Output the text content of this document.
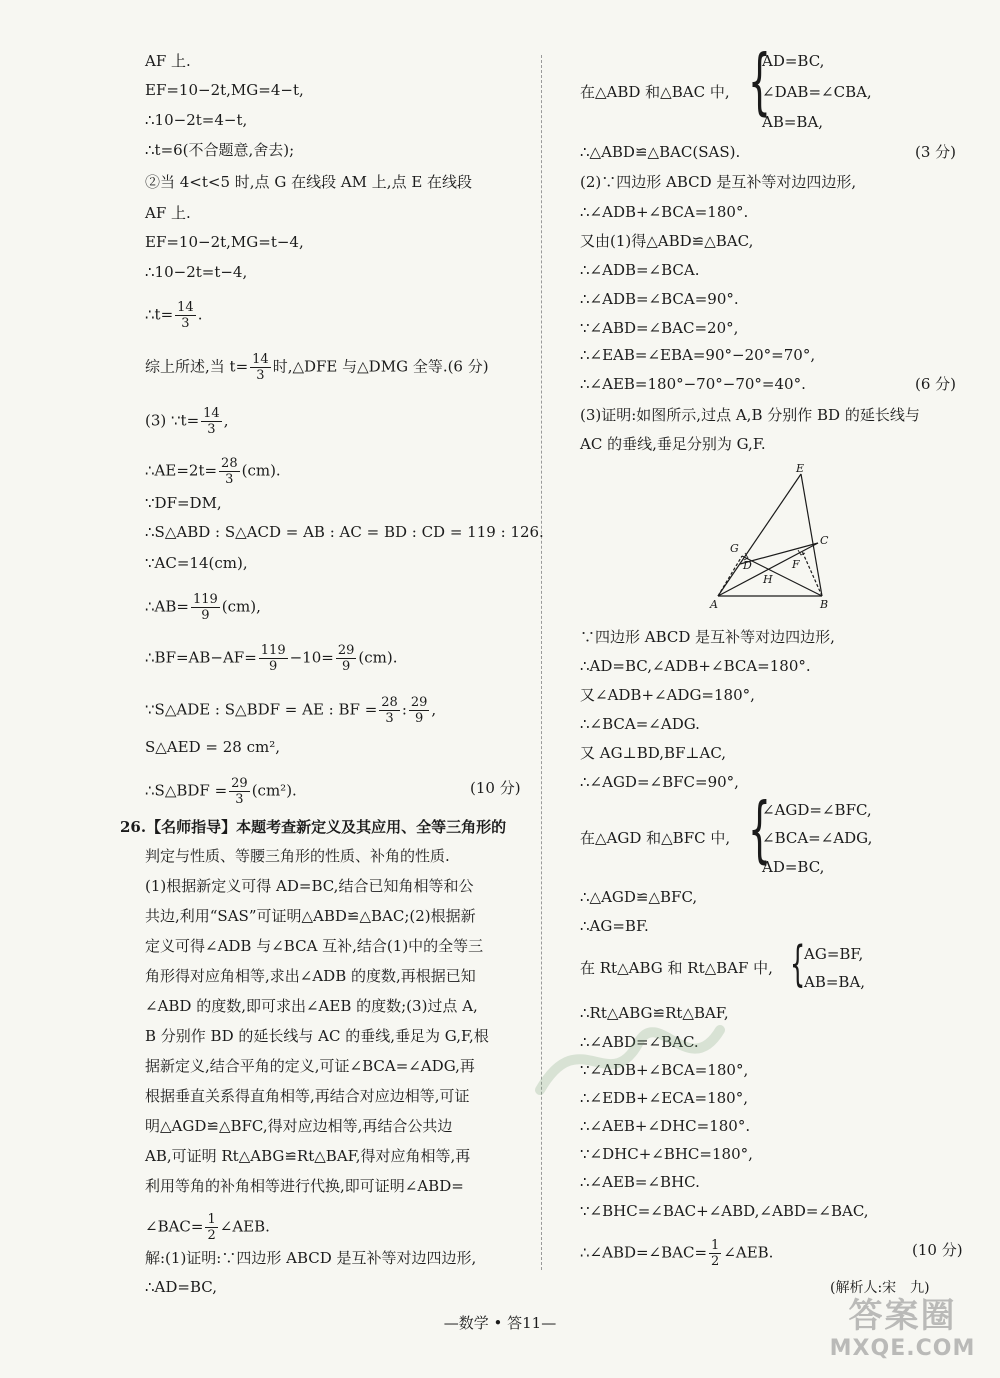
AF 上.
EF=10−2t,MG=4−t,
∴10−2t=4−t,
∴t=6(不合题意,舍去);
②当 4<t<5 时,点 G 在线段 AM 上,点 E 在线段
AF 上.
EF=10−2t,MG=t−4,
∴10−2t=t−4,
∴t= $\frac{14}{3}$ .
综上所述,当 $t= \frac{14}{3}$ 时,△DFE 与△DMG 全等.(6 分)
(3) ∵t= $\frac{14}{3}$ ,
∴AE=2t= $\frac{28}{3} (cm)$.
∵DF=DM,
∴S△ABD : S△ACD = AB : AC = BD : CD = 119 : 126.
∵AC=14(cm),
∴AB= $\frac{119}{9} (cm)$,
∴BF=AB−AF= $\frac{119}{9} -10= \frac{29}{9} (cm)$.
∵S△ADE : S△BDF = AE : BF = $\frac{28}{3}$ : $\frac{29}{9}$ ,
S△AED = 28 cm²,
∴S△BDF = $\frac{29}{3} (cm^2)$.	(10 分)
26.【名师指导】本题考查新定义及其应用、全等三角形的
判定与性质、等腰三角形的性质、补角的性质.
(1)根据新定义可得 AD=BC,结合已知角相等和公
共边,利用“SAS”可证明△ABD≌△BAC;(2)根据新
定义可得∠ADB 与∠BCA 互补,结合(1)中的全等三
角形得对应角相等,求出∠ADB 的度数,再根据已知
∠ABD 的度数,即可求出∠AEB 的度数;(3)过点 A,
B 分别作 BD 的延长线与 AC 的垂线,垂足为 G,F,根
据新定义,结合平角的定义,可证∠BCA=∠ADG,再
根据垂直关系得直角相等,再结合对应边相等,可证
明△AGD≌△BFC,得对应边相等,再结合公共边
AB,可证明 Rt△ABG≌Rt△BAF,得对应角相等,再
利用等角的补角相等进行代换,即可证明∠ABD=
∠BAC= $\frac{1}{2}$ ∠AEB.
解:(1)证明:∵四边形 ABCD 是互补等对边四边形,
∴AD=BC,
在△ABD 和△BAC 中, {
AD=BC,
∠DAB=∠CBA,
AB=BA,
∴△ABD≌△BAC(SAS).	(3 分)
(2)∵四边形 ABCD 是互补等对边四边形,
∴∠ADB+∠BCA=180°.
又由(1)得△ABD≌△BAC,
∴∠ADB=∠BCA.
∴∠ADB=∠BCA=90°.
∵∠ABD=∠BAC=20°,
∴∠EAB=∠EBA=90°−20°=70°,
∴∠AEB=180°−70°−70°=40°.	(6 分)
(3)证明:如图所示,过点 A,B 分别作 BD 的延长线与
AC 的垂线,垂足分别为 G,F.
E
G
C
D	F
H
A	B
∵四边形 ABCD 是互补等对边四边形,
∴AD=BC,∠ADB+∠BCA=180°.
又∠ADB+∠ADG=180°,
∴∠BCA=∠ADG.
又 AG⊥BD,BF⊥AC,
∴∠AGD=∠BFC=90°,
在△AGD 和△BFC 中, {
∠AGD=∠BFC,
∠BCA=∠ADG,
AD=BC,
∴△AGD≌△BFC,
∴AG=BF.
在 Rt△ABG 和 Rt△BAF 中, {
AG=BF,
AB=BA,
∴Rt△ABG≌Rt△BAF,
∴∠ABD=∠BAC.
∵∠ADB+∠BCA=180°,
∴∠EDB+∠ECA=180°,
∴∠AEB+∠DHC=180°.
∵∠DHC+∠BHC=180°,
∴∠AEB=∠BHC.
∵∠BHC=∠BAC+∠ABD,∠ABD=∠BAC,
∴∠ABD=∠BAC= $\frac{1}{2}$ ∠AEB.	(10 分)
(解析人:宋　九)
—数学 • 答11—	答案圈
MXQE.COM
